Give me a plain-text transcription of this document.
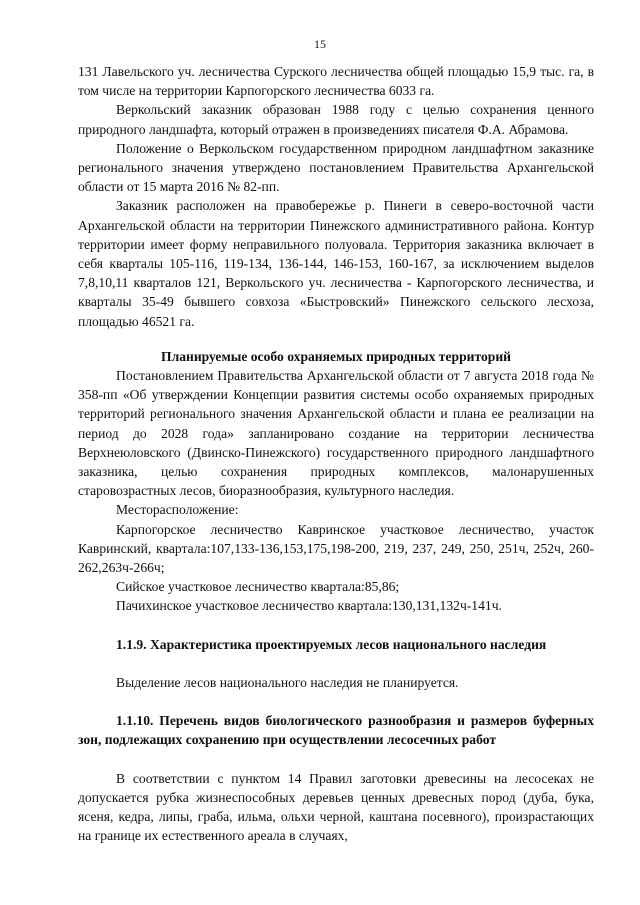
15

131 Лавельского уч. лесничества Сурского лесничества общей площадью 15,9 тыс. га, в том числе на территории Карпогорского лесничества 6033 га.

Веркольский заказник образован 1988 году с целью сохранения ценного природного ландшафта, который отражен в произведениях писателя Ф.А. Абрамова.

Положение о Веркольском государственном природном ландшафтном заказнике регионального значения утверждено постановлением Правительства Архангельской области от 15 марта 2016 № 82-пп.

Заказник расположен на правобережье р. Пинеги в северо-восточной части Архангельской области на территории Пинежского административного района. Контур территории имеет форму неправильного полуовала. Территория заказника включает в себя кварталы 105-116, 119-134, 136-144, 146-153, 160-167, за исключением выделов 7,8,10,11 кварталов 121, Веркольского уч. лесничества - Карпогорского лесничества, и кварталы 35-49 бывшего совхоза «Быстровский» Пинежского сельского лесхоза, площадью 46521 га.

Планируемые особо охраняемых природных территорий

Постановлением Правительства Архангельской области от 7 августа 2018 года № 358-пп «Об утверждении Концепции развития системы особо охраняемых природных территорий регионального значения Архангельской области и плана ее реализации на период до 2028 года» запланировано создание на территории лесничества Верхнеюловского (Двинско-Пинежского) государственного природного ландшафтного заказника, целью сохранения природных комплексов, малонарушенных старовозрастных лесов, биоразнообразия, культурного наследия.

Месторасположение:

Карпогорское лесничество Кавринское участковое лесничество, участок Кавринский, квартала:107,133-136,153,175,198-200, 219, 237, 249, 250, 251ч, 252ч, 260-262,263ч-266ч;

Сийское участковое лесничество квартала:85,86;

Пачихинское участковое лесничество квартала:130,131,132ч-141ч.

1.1.9. Характеристика проектируемых лесов национального наследия

Выделение лесов национального наследия не планируется.

1.1.10. Перечень видов биологического разнообразия и размеров буферных зон, подлежащих сохранению при осуществлении лесосечных работ

В соответствии с пунктом 14 Правил заготовки древесины на лесосеках не допускается рубка жизнеспособных деревьев ценных древесных пород (дуба, бука, ясеня, кедра, липы, граба, ильма, ольхи черной, каштана посевного), произрастающих на границе их естественного ареала в случаях,
